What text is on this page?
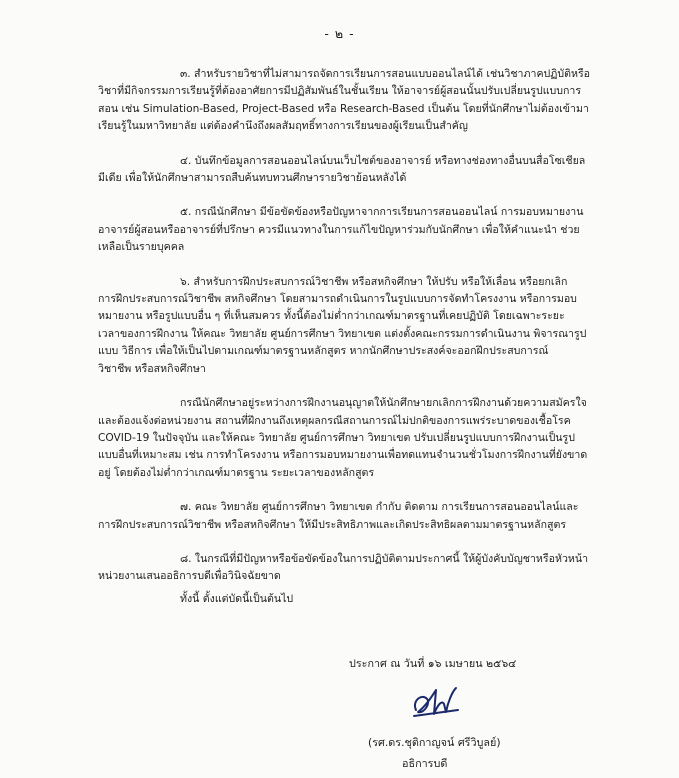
- ๒ -

๓. สำหรับรายวิชาที่ไม่สามารถจัดการเรียนการสอนแบบออนไลน์ได้ เช่นวิชาภาคปฏิบัติหรือ
วิชาที่มีกิจกรรมการเรียนรู้ที่ต้องอาศัยการมีปฏิสัมพันธ์ในชั้นเรียน ให้อาจารย์ผู้สอนนั้นปรับเปลี่ยนรูปแบบการ
สอน เช่น Simulation-Based, Project-Based หรือ Research-Based เป็นต้น โดยที่นักศึกษาไม่ต้องเข้ามา
เรียนรู้ในมหาวิทยาลัย แต่ต้องคำนึงถึงผลสัมฤทธิ์ทางการเรียนของผู้เรียนเป็นสำคัญ

๔. บันทึกข้อมูลการสอนออนไลน์บนเว็บไซต์ของอาจารย์ หรือทางช่องทางอื่นบนสื่อโซเชียล
มีเดีย เพื่อให้นักศึกษาสามารถสืบค้นทบทวนศึกษารายวิชาย้อนหลังได้

๕. กรณีนักศึกษา มีข้อขัดข้องหรือปัญหาจากการเรียนการสอนออนไลน์ การมอบหมายงาน
อาจารย์ผู้สอนหรืออาจารย์ที่ปรึกษา ควรมีแนวทางในการแก้ไขปัญหาร่วมกับนักศึกษา เพื่อให้คำแนะนำ ช่วย
เหลือเป็นรายบุคคล

๖. สำหรับการฝึกประสบการณ์วิชาชีพ หรือสหกิจศึกษา ให้ปรับ หรือให้เลื่อน หรือยกเลิก
การฝึกประสบการณ์วิชาชีพ สหกิจศึกษา โดยสามารถดำเนินการในรูปแบบการจัดทำโครงงาน หรือการมอบ
หมายงาน หรือรูปแบบอื่น ๆ ที่เห็นสมควร ทั้งนี้ต้องไม่ต่ำกว่าเกณฑ์มาตรฐานที่เคยปฏิบัติ โดยเฉพาะระยะ
เวลาของการฝึกงาน ให้คณะ วิทยาลัย ศูนย์การศึกษา วิทยาเขต แต่งตั้งคณะกรรมการดำเนินงาน พิจารณารูป
แบบ วิธีการ เพื่อให้เป็นไปตามเกณฑ์มาตรฐานหลักสูตร หากนักศึกษาประสงค์จะออกฝึกประสบการณ์
วิชาชีพ หรือสหกิจศึกษา

กรณีนักศึกษาอยู่ระหว่างการฝึกงานอนุญาตให้นักศึกษายกเลิกการฝึกงานด้วยความสมัครใจ
และต้องแจ้งต่อหน่วยงาน สถานที่ฝึกงานถึงเหตุผลกรณีสถานการณ์ไม่ปกติของการแพร่ระบาดของเชื้อโรค
COVID-19 ในปัจจุบัน และให้คณะ วิทยาลัย ศูนย์การศึกษา วิทยาเขต ปรับเปลี่ยนรูปแบบการฝึกงานเป็นรูป
แบบอื่นที่เหมาะสม เช่น การทำโครงงาน หรือการมอบหมายงานเพื่อทดแทนจำนวนชั่วโมงการฝึกงานที่ยังขาด
อยู่ โดยต้องไม่ต่ำกว่าเกณฑ์มาตรฐาน ระยะเวลาของหลักสูตร

๗. คณะ วิทยาลัย ศูนย์การศึกษา วิทยาเขต กำกับ ติดตาม การเรียนการสอนออนไลน์และ
การฝึกประสบการณ์วิชาชีพ หรือสหกิจศึกษา ให้มีประสิทธิภาพและเกิดประสิทธิผลตามมาตรฐานหลักสูตร

๘. ในกรณีที่มีปัญหาหรือข้อขัดข้องในการปฏิบัติตามประกาศนี้ ให้ผู้บังคับบัญชาหรือหัวหน้า
หน่วยงานเสนออธิการบดีเพื่อวินิจฉัยขาด

ทั้งนี้ ตั้งแต่บัดนี้เป็นต้นไป
ประกาศ ณ วันที่ ๑๖ เมษายน ๒๕๖๔
(รศ.ดร.ชุติกาญจน์ ศรีวิบูลย์)
อธิการบดี
